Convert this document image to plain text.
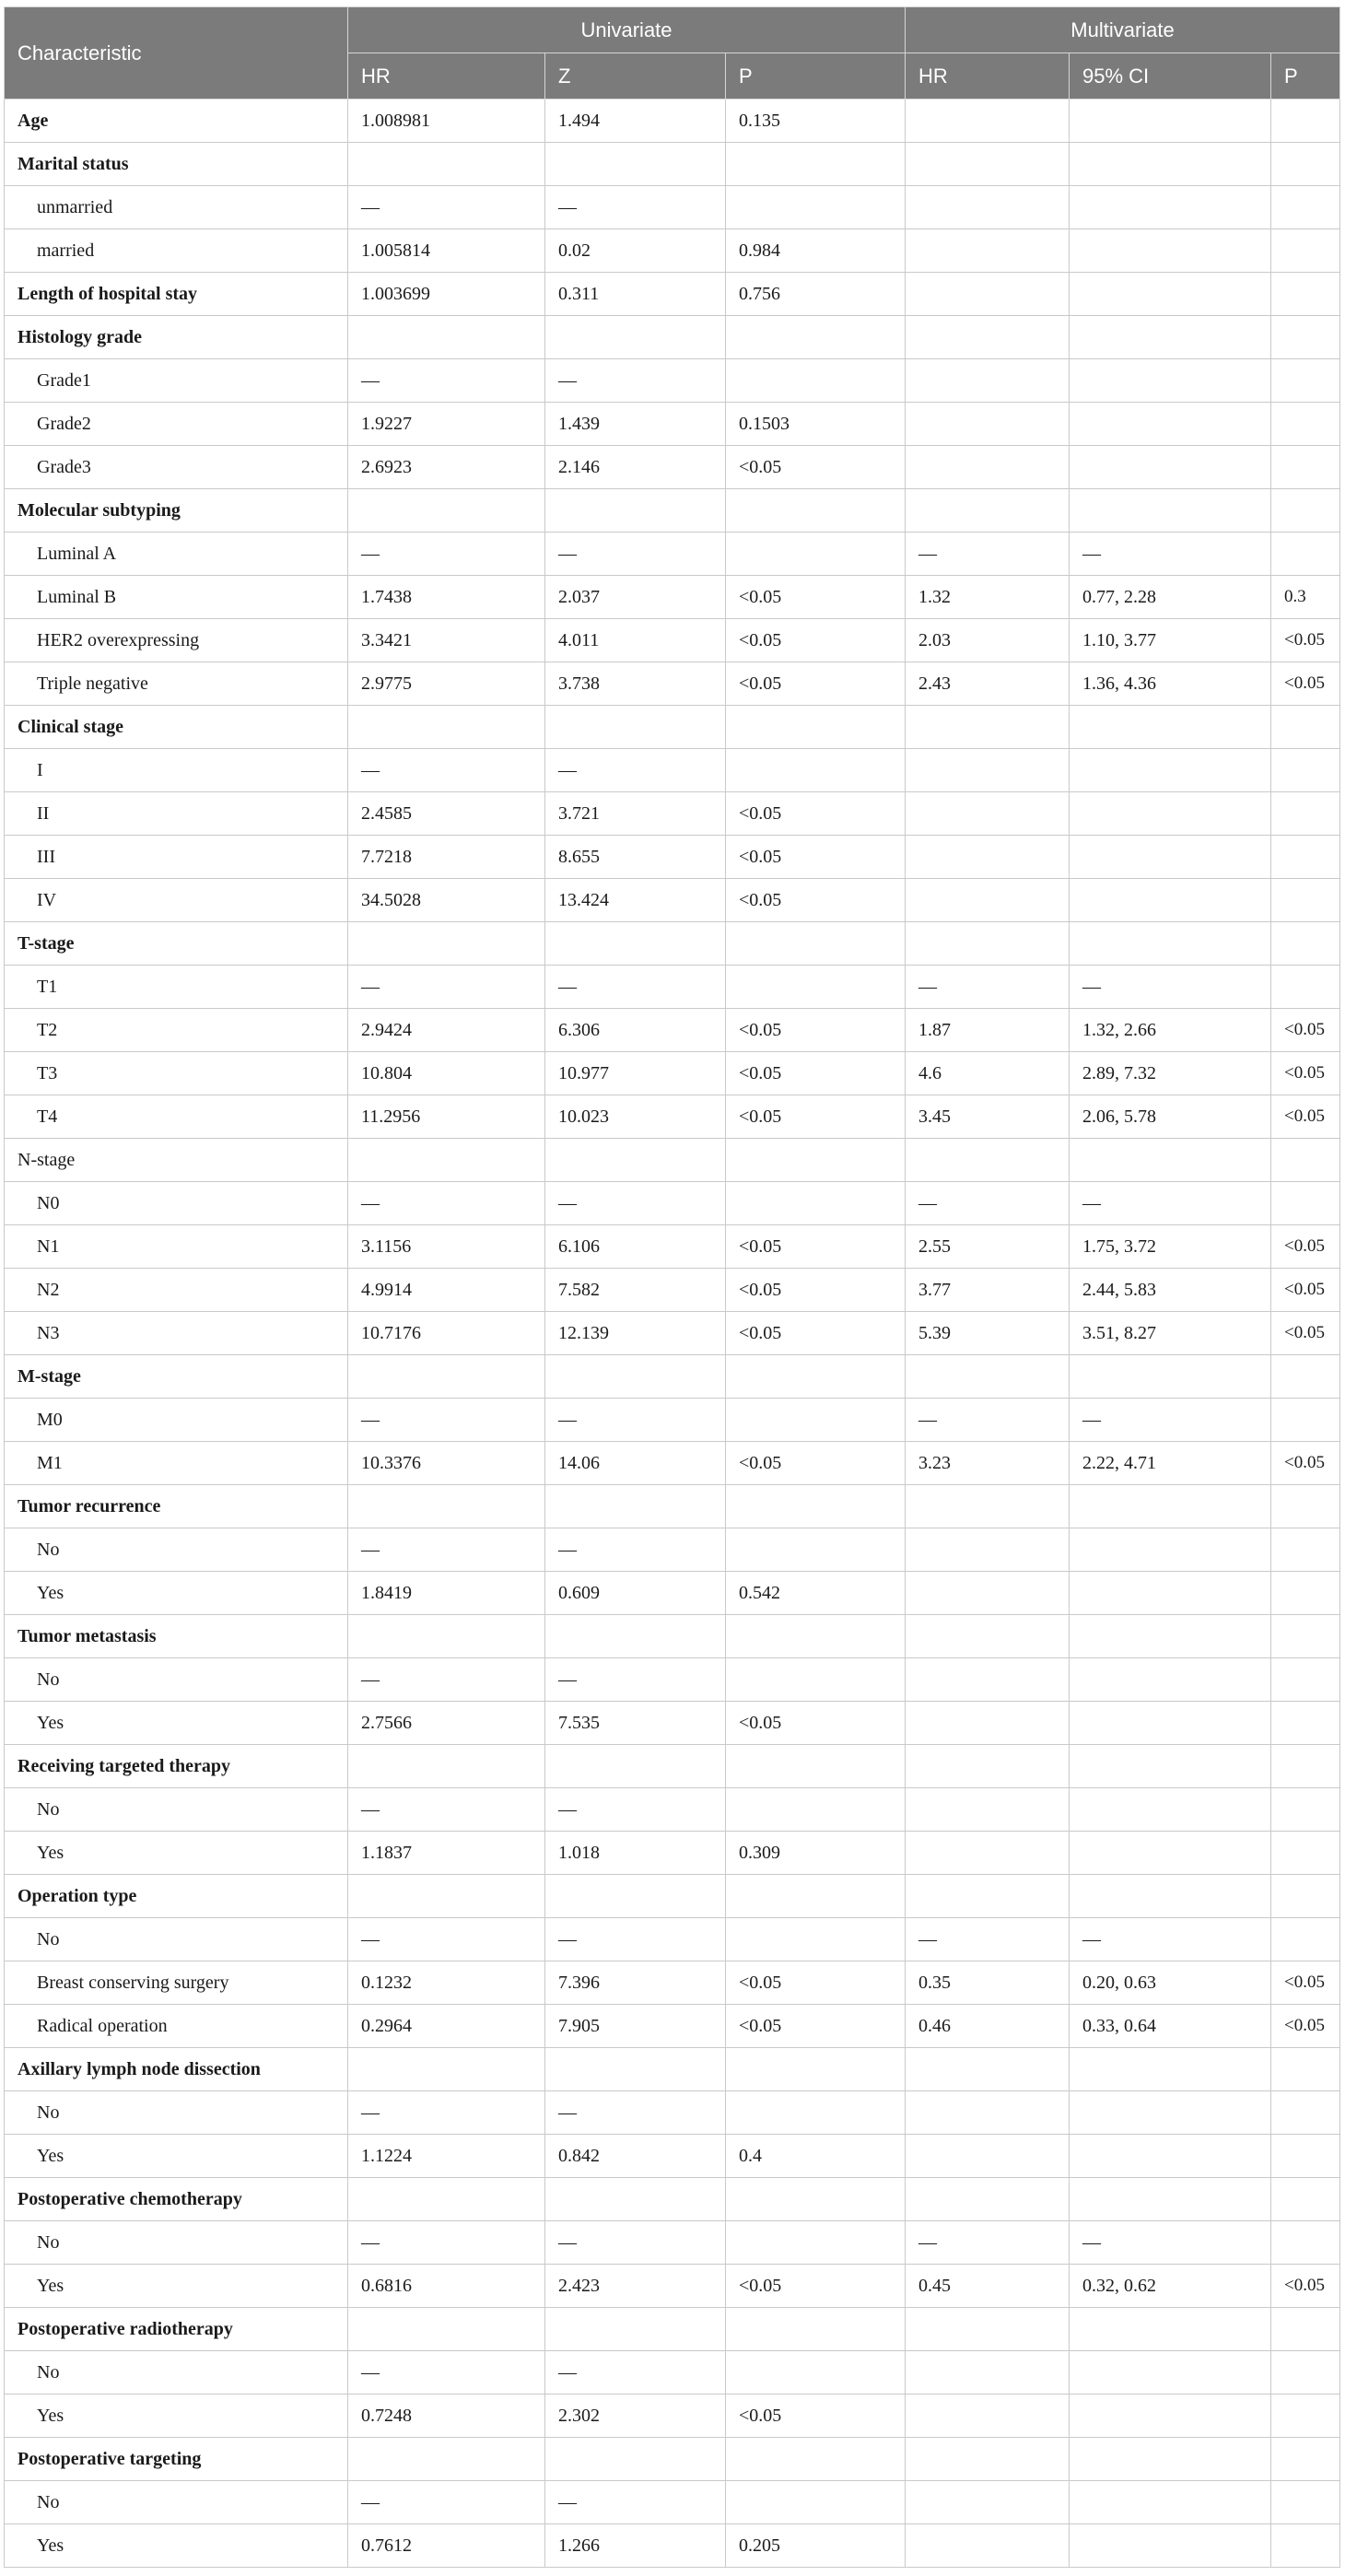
Characteristic	Univariate			Multivariate		
	HR	Z	P	HR	95% CI	P
Age	1.008981	1.494	0.135			
Marital status						
unmarried	—	—				
married	1.005814	0.02	0.984			
Length of hospital stay	1.003699	0.311	0.756			
Histology grade						
Grade1	—	—				
Grade2	1.9227	1.439	0.1503			
Grade3	2.6923	2.146	<0.05			
Molecular subtyping						
Luminal A	—	—		—	—	
Luminal B	1.7438	2.037	<0.05	1.32	0.77, 2.28	0.3
HER2 overexpressing	3.3421	4.011	<0.05	2.03	1.10, 3.77	<0.05
Triple negative	2.9775	3.738	<0.05	2.43	1.36, 4.36	<0.05
Clinical stage						
I	—	—				
II	2.4585	3.721	<0.05			
III	7.7218	8.655	<0.05			
IV	34.5028	13.424	<0.05			
T-stage						
T1	—	—		—	—	
T2	2.9424	6.306	<0.05	1.87	1.32, 2.66	<0.05
T3	10.804	10.977	<0.05	4.6	2.89, 7.32	<0.05
T4	11.2956	10.023	<0.05	3.45	2.06, 5.78	<0.05
N-stage						
N0	—	—		—	—	
N1	3.1156	6.106	<0.05	2.55	1.75, 3.72	<0.05
N2	4.9914	7.582	<0.05	3.77	2.44, 5.83	<0.05
N3	10.7176	12.139	<0.05	5.39	3.51, 8.27	<0.05
M-stage						
M0	—	—		—	—	
M1	10.3376	14.06	<0.05	3.23	2.22, 4.71	<0.05
Tumor recurrence						
No	—	—				
Yes	1.8419	0.609	0.542			
Tumor metastasis						
No	—	—				
Yes	2.7566	7.535	<0.05			
Receiving targeted therapy						
No	—	—				
Yes	1.1837	1.018	0.309			
Operation type						
No	—	—		—	—	
Breast conserving surgery	0.1232	7.396	<0.05	0.35	0.20, 0.63	<0.05
Radical operation	0.2964	7.905	<0.05	0.46	0.33, 0.64	<0.05
Axillary lymph node dissection						
No	—	—				
Yes	1.1224	0.842	0.4			
Postoperative chemotherapy						
No	—	—		—	—	
Yes	0.6816	2.423	<0.05	0.45	0.32, 0.62	<0.05
Postoperative radiotherapy						
No	—	—				
Yes	0.7248	2.302	<0.05			
Postoperative targeting						
No	—	—				
Yes	0.7612	1.266	0.205			
